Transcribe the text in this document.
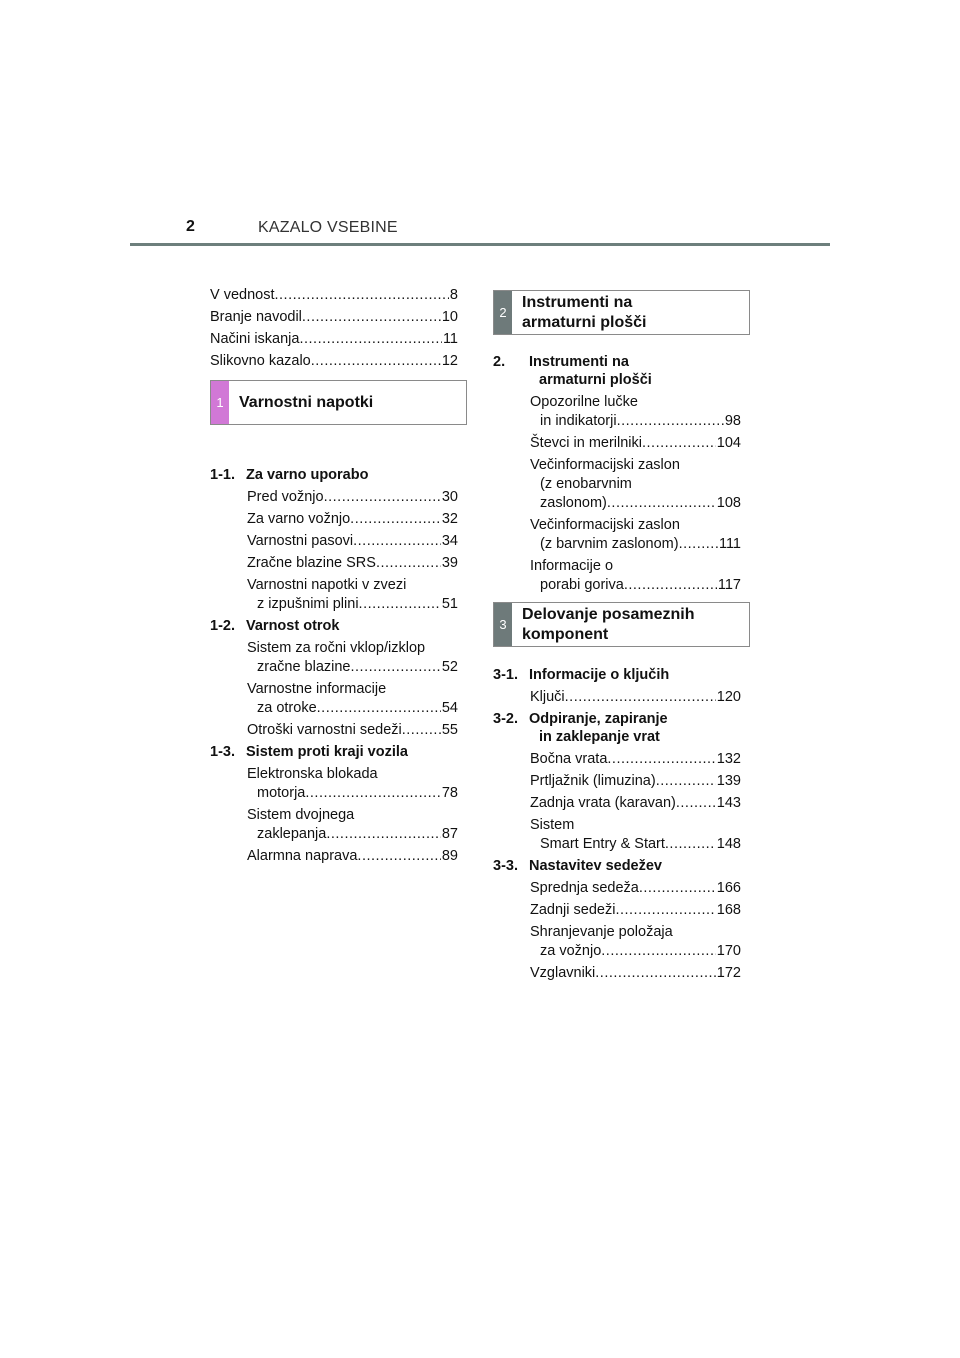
2	KAZALO VSEBINE
V vednost .....	8
Branje navodil .....	10
Načini iskanja .....	11
Slikovno kazalo .....	12
1-1. Za varno uporabo
Pred vožnjo .....	30
Za varno vožnjo .....	32
Varnostni pasovi .....	34
Zračne blazine SRS .....	39
Varnostni napotki v zvezi
z izpušnimi plini .....	51
1-2. Varnost otrok
Sistem za ročni vklop/izklop
zračne blazine .....	52
Varnostne informacije
za otroke .....	54
Otroški varnostni sedeži .....	55
1-3. Sistem proti kraji vozila
Elektronska blokada
motorja .....	78
Sistem dvojnega
zaklepanja .....	87
Alarmna naprava .....	89
1 Varnostni napotki
2
Instrumenti na
armaturni plošči
3
Delovanje posameznih
komponent
2.	Instrumenti na
armaturni plošči
Opozorilne lučke
in indikatorji .....	98
Števci in merilniki .....	104
Večinformacijski zaslon
(z enobarvnim
zaslonom) .....	108
Večinformacijski zaslon
(z barvnim zaslonom) .....	111
Informacije o
porabi goriva .....	117
3-1. Informacije o ključih
Ključi .....	120
3-2. Odpiranje, zapiranje
in zaklepanje vrat
Bočna vrata .....	132
Prtljažnik (limuzina) .....	139
Zadnja vrata (karavan) .....	143
Sistem
Smart Entry & Start .....	148
3-3. Nastavitev sedežev
Sprednja sedeža .....	166
Zadnji sedeži .....	168
Shranjevanje položaja
za vožnjo .....	170
Vzglavniki .....	172
